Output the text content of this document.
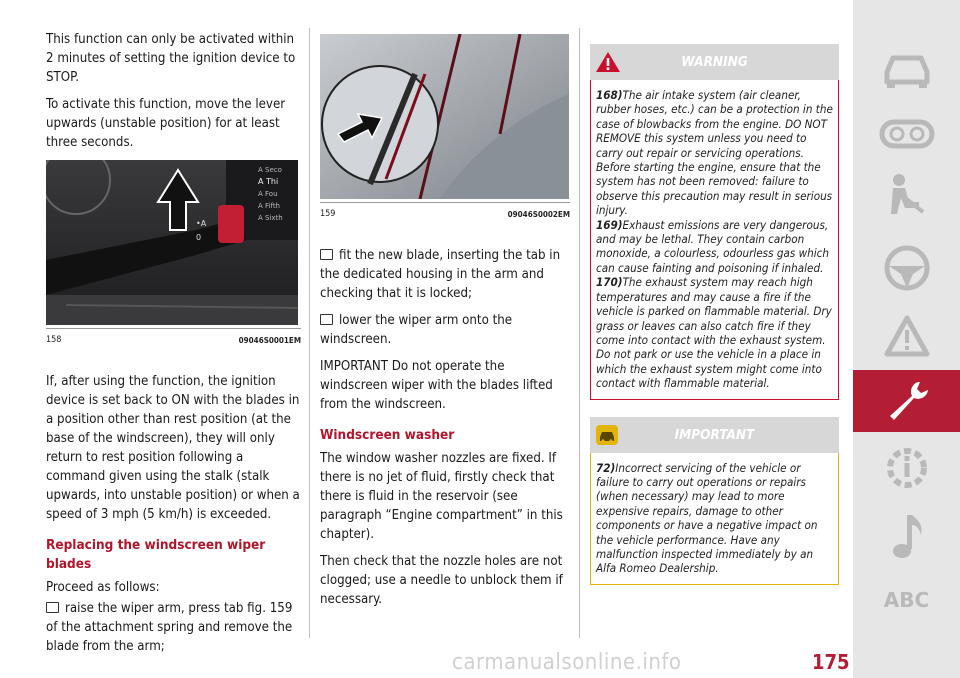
This function can only be activated within 2 minutes of setting the ignition device to STOP.

To activate this function, move the lever upwards (unstable position) for at least three seconds.

A Seco
A Thi
A Fou
A Fifth
A Sixth
•A
0
158	09046S0001EM

If, after using the function, the ignition device is set back to ON with the blades in a position other than rest position (at the base of the windscreen), they will only return to rest position following a command given using the stalk (stalk upwards, into unstable position) or when a speed of 3 mph (5 km/h) is exceeded.

Replacing the windscreen wiper blades

Proceed as follows:

raise the wiper arm, press tab fig. 159 of the attachment spring and remove the blade from the arm;

159	09046S0002EM

fit the new blade, inserting the tab in the dedicated housing in the arm and checking that it is locked;

lower the wiper arm onto the windscreen.

IMPORTANT Do not operate the windscreen wiper with the blades lifted from the windscreen.

Windscreen washer

The window washer nozzles are fixed. If there is no jet of fluid, firstly check that there is fluid in the reservoir (see paragraph “Engine compartment” in this chapter).

Then check that the nozzle holes are not clogged; use a needle to unblock them if necessary.

WARNING
168)The air intake system (air cleaner, rubber hoses, etc.) can be a protection in the case of blowbacks from the engine. DO NOT REMOVE this system unless you need to carry out repair or servicing operations. Before starting the engine, ensure that the system has not been removed: failure to observe this precaution may result in serious injury.
169)Exhaust emissions are very dangerous, and may be lethal. They contain carbon monoxide, a colourless, odourless gas which can cause fainting and poisoning if inhaled.
170)The exhaust system may reach high temperatures and may cause a fire if the vehicle is parked on flammable material. Dry grass or leaves can also catch fire if they come into contact with the exhaust system. Do not park or use the vehicle in a place in which the exhaust system might come into contact with flammable material.
IMPORTANT
72)Incorrect servicing of the vehicle or failure to carry out operations or repairs (when necessary) may lead to more expensive repairs, damage to other components or have a negative impact on the vehicle performance. Have any malfunction inspected immediately by an Alfa Romeo Dealership.
ABC
carmanualsonline.info	175
